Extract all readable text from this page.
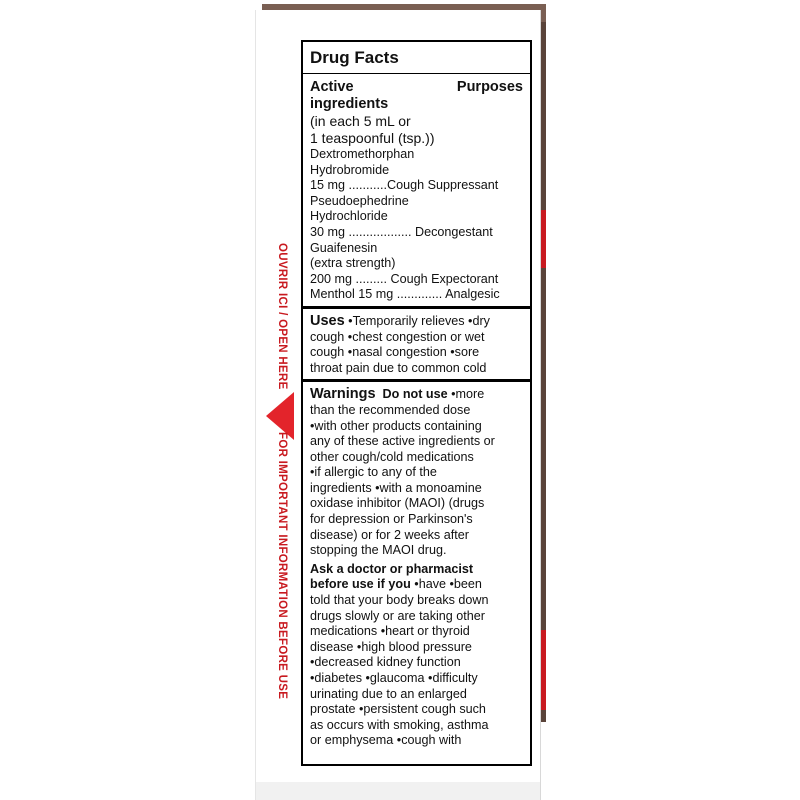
OUVRIR ICI / OPEN HERE
FOR IMPORTANT INFORMATION BEFORE USE
Drug Facts
Active	Purposes
ingredients
(in each 5 mL or
1 teaspoonful (tsp.))
Dextromethorphan
Hydrobromide
15 mg ...........Cough Suppressant
Pseudoephedrine
Hydrochloride
30 mg .................. Decongestant
Guaifenesin
(extra strength)
200 mg ......... Cough Expectorant
Menthol 15 mg ............. Analgesic
Uses •Temporarily relieves •dry
cough •chest congestion or wet
cough •nasal congestion •sore
throat pain due to common cold
Warnings Do not use •more
than the recommended dose
•with other products containing
any of these active ingredients or
other cough/cold medications
•if allergic to any of the
ingredients •with a monoamine
oxidase inhibitor (MAOI) (drugs
for depression or Parkinson's
disease) or for 2 weeks after
stopping the MAOI drug.
Ask a doctor or pharmacist
before use if you •have •been
told that your body breaks down
drugs slowly or are taking other
medications •heart or thyroid
disease •high blood pressure
•decreased kidney function
•diabetes •glaucoma •difficulty
urinating due to an enlarged
prostate •persistent cough such
as occurs with smoking, asthma
or emphysema •cough with
